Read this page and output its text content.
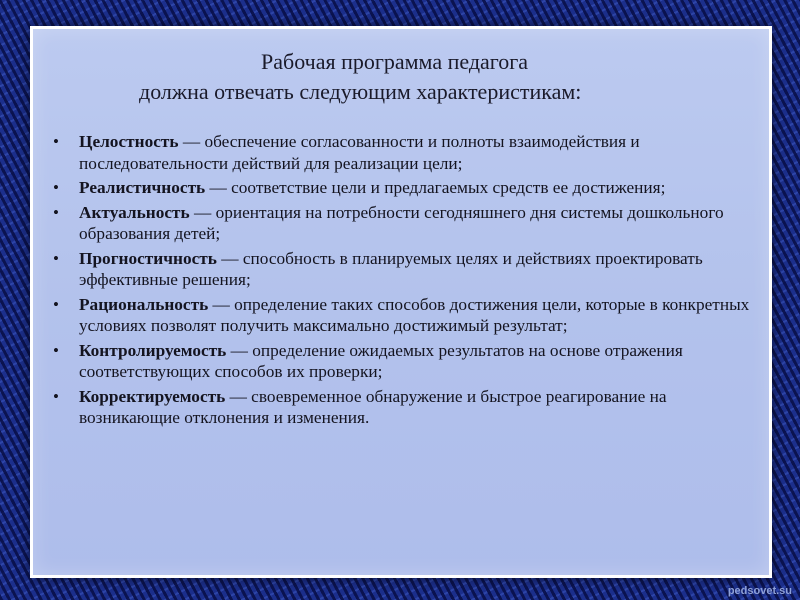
Рабочая программа педагога
должна отвечать следующим характеристикам:
• Целостность — обеспечение согласованности и полноты взаимодействия и последовательности действий для реализации цели;
• Реалистичность — соответствие цели и предлагаемых средств ее достижения;
• Актуальность — ориентация на потребности сегодняшнего дня системы дошкольного образования детей;
• Прогностичность — способность в планируемых целях и действиях проектировать эффективные решения;
• Рациональность — определение таких способов достижения цели, которые в конкретных условиях позволят получить максимально достижимый результат;
• Контролируемость — определение ожидаемых результатов на основе отражения соответствующих способов их проверки;
• Корректируемость — своевременное обнаружение и быстрое реагирование на возникающие отклонения и изменения.
pedsovet.su
